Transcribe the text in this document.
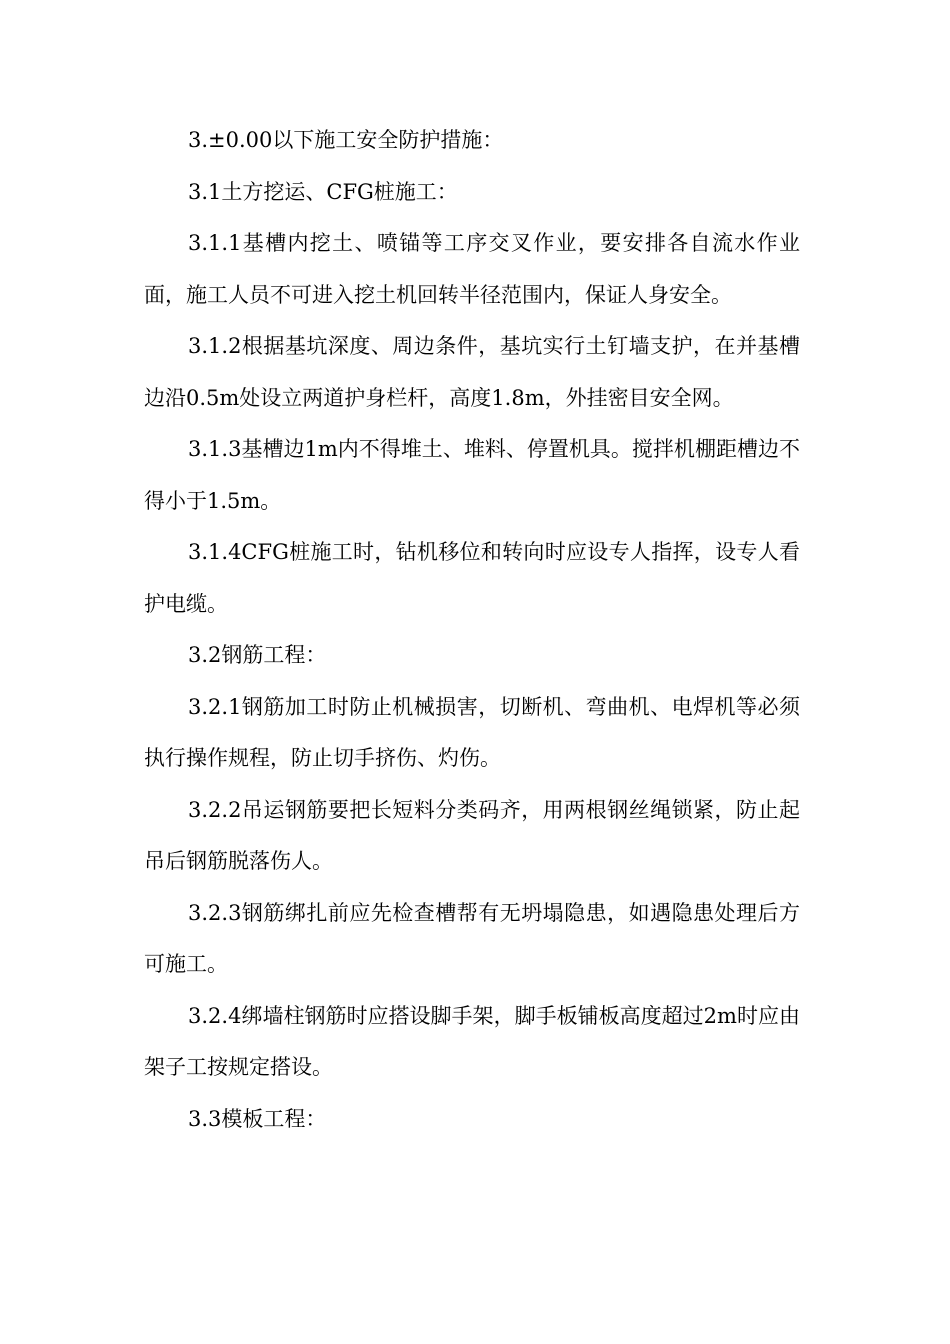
3.±0.00以下施工安全防护措施：

3.1土方挖运、CFG桩施工：

3.1.1基槽内挖土、喷锚等工序交叉作业，要安排各自流水作业面，施工人员不可进入挖土机回转半径范围内，保证人身安全。

3.1.2根据基坑深度、周边条件，基坑实行土钉墙支护，在并基槽边沿0.5m处设立两道护身栏杆，高度1.8m，外挂密目安全网。

3.1.3基槽边1m内不得堆土、堆料、停置机具。搅拌机棚距槽边不得小于1.5m。

3.1.4CFG桩施工时，钻机移位和转向时应设专人指挥，设专人看护电缆。

3.2钢筋工程：

3.2.1钢筋加工时防止机械损害，切断机、弯曲机、电焊机等必须执行操作规程，防止切手挤伤、灼伤。

3.2.2吊运钢筋要把长短料分类码齐，用两根钢丝绳锁紧，防止起吊后钢筋脱落伤人。

3.2.3钢筋绑扎前应先检查槽帮有无坍塌隐患，如遇隐患处理后方可施工。

3.2.4绑墙柱钢筋时应搭设脚手架，脚手板铺板高度超过2m时应由架子工按规定搭设。

3.3模板工程：
